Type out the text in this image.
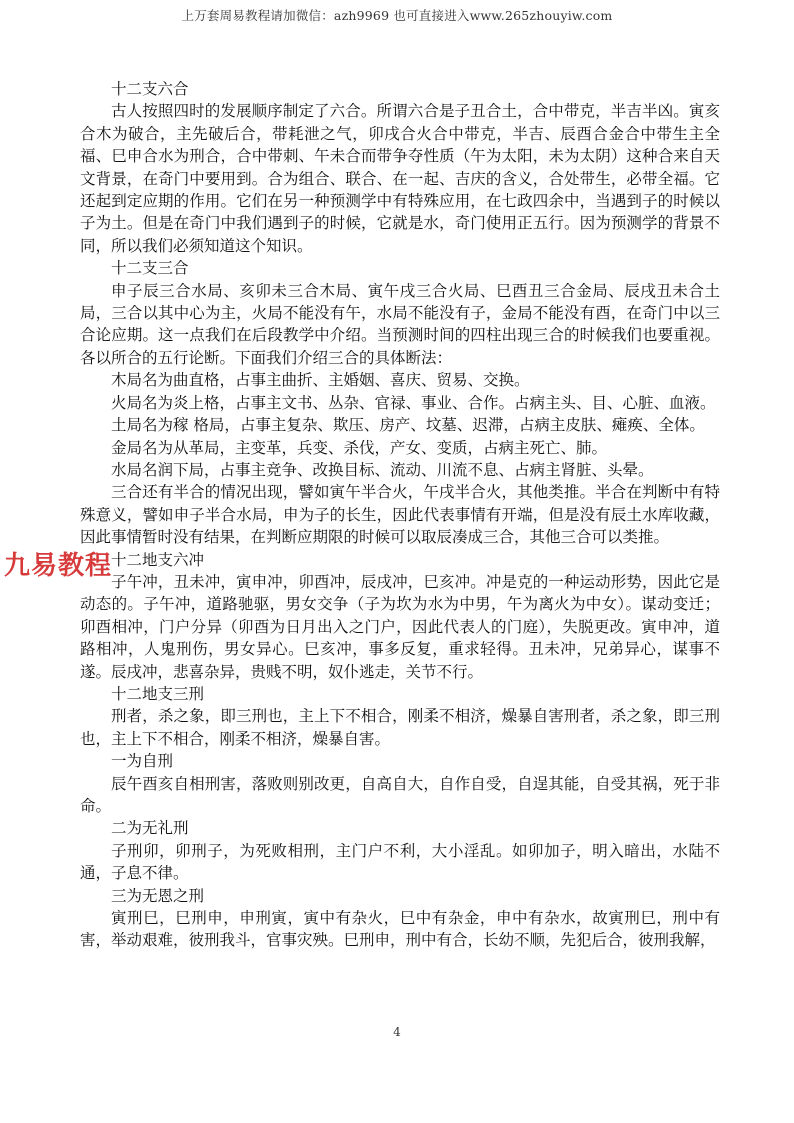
上万套周易教程请加微信：azh9969 也可直接进入www.265zhouyiw.com

十二支六合

古人按照四时的发展顺序制定了六合。所谓六合是子丑合土，合中带克，半吉半凶。寅亥合木为破合，主先破后合，带耗泄之气，卯戌合火合中带克，半吉、辰酉合金合中带生主全福、巳申合水为刑合，合中带刺、午未合而带争夺性质（午为太阳，未为太阴）这种合来自天文背景，在奇门中要用到。合为组合、联合、在一起、吉庆的含义，合处带生，必带全福。它还起到定应期的作用。它们在另一种预测学中有特殊应用，在七政四余中，当遇到子的时候以子为土。但是在奇门中我们遇到子的时候，它就是水，奇门使用正五行。因为预测学的背景不同，所以我们必须知道这个知识。

十二支三合

申子辰三合水局、亥卯未三合木局、寅午戌三合火局、巳酉丑三合金局、辰戌丑未合土局，三合以其中心为主，火局不能没有午，水局不能没有子，金局不能没有酉，在奇门中以三合论应期。这一点我们在后段教学中介绍。当预测时间的四柱出现三合的时候我们也要重视。各以所合的五行论断。下面我们介绍三合的具体断法：

木局名为曲直格，占事主曲折、主婚姻、喜庆、贸易、交换。

火局名为炎上格，占事主文书、丛杂、官禄、事业、合作。占病主头、目、心脏、血液。

土局名为稼 格局，占事主复杂、欺压、房产、坟墓、迟滞，占病主皮肤、瘫痪、全体。

金局名为从革局，主变革，兵变、杀伐，产女、变质，占病主死亡、肺。

水局名润下局，占事主竞争、改换目标、流动、川流不息、占病主肾脏、头晕。

三合还有半合的情况出现，譬如寅午半合火，午戌半合火，其他类推。半合在判断中有特殊意义，譬如申子半合水局，申为子的长生，因此代表事情有开端，但是没有辰土水库收藏，因此事情暂时没有结果，在判断应期限的时候可以取辰凑成三合，其他三合可以类推。

十二地支六冲

子午冲，丑未冲，寅申冲，卯酉冲，辰戌冲，巳亥冲。冲是克的一种运动形势，因此它是动态的。子午冲，道路驰驱，男女交争（子为坎为水为中男，午为离火为中女）。谋动变迁；卯酉相冲，门户分异（卯酉为日月出入之门户，因此代表人的门庭），失脱更改。寅申冲，道路相冲，人鬼刑伤，男女异心。巳亥冲，事多反复，重求轻得。丑未冲，兄弟异心，谋事不遂。辰戌冲，悲喜杂异，贵贱不明，奴仆逃走，关节不行。

十二地支三刑

刑者，杀之象，即三刑也，主上下不相合，刚柔不相济，燥暴自害刑者，杀之象，即三刑也，主上下不相合，刚柔不相济，燥暴自害。

一为自刑

辰午酉亥自相刑害，落败则别改更，自高自大，自作自受，自逞其能，自受其祸，死于非命。

二为无礼刑

子刑卯，卯刑子，为死败相刑，主门户不利，大小淫乱。如卯加子，明入暗出，水陆不通，子息不律。

三为无恩之刑

寅刑巳，巳刑申，申刑寅，寅中有杂火，巳中有杂金，申中有杂水，故寅刑巳，刑中有害，举动艰难，彼刑我斗，官事灾殃。巳刑申，刑中有合，长幼不顺，先犯后合，彼刑我解，

九易教程
4
